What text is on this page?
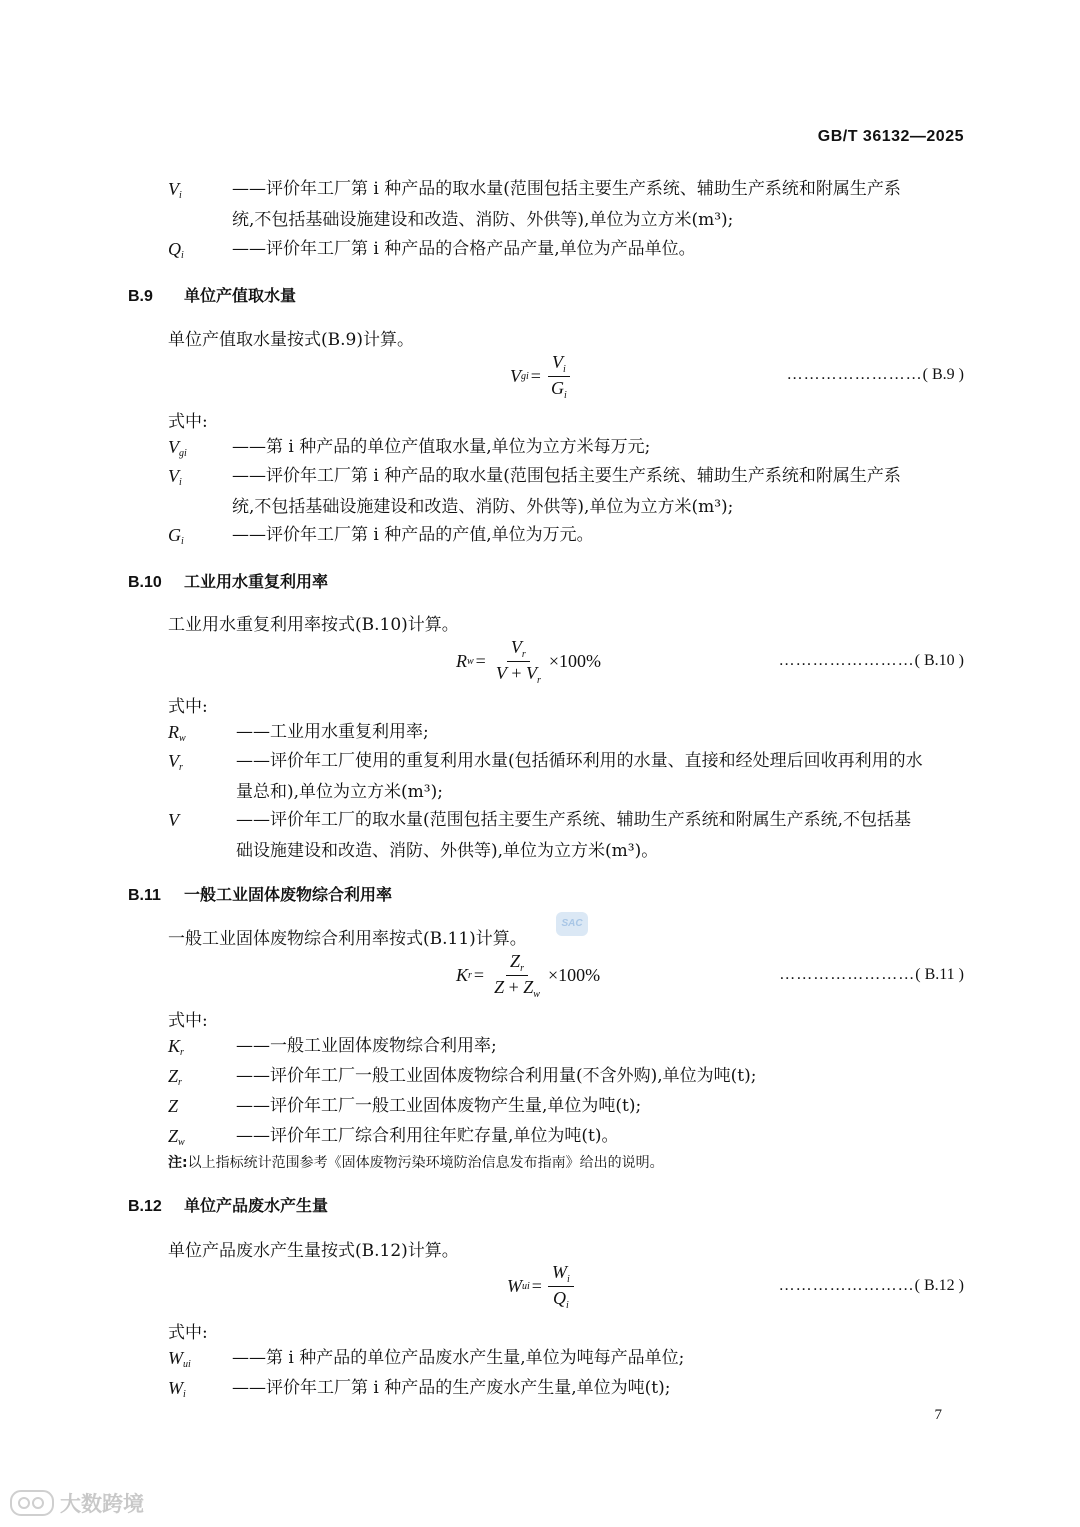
GB/T 36132—2025
$V_i$	——评价年工厂第 i 种产品的取水量(范围包括主要生产系统、辅助生产系统和附属生产系
统,不包括基础设施建设和改造、消防、外供等),单位为立方米(m³);
$Q_i$	——评价年工厂第 i 种产品的合格产品产量,单位为产品单位。
B.9 单位产值取水量
单位产值取水量按式(B.9)计算。
V gi = $\frac{V_i}{G_i}$	……………………( B.9 )
式中:
$V_{gi}$	——第 i 种产品的单位产值取水量,单位为立方米每万元;
$V_i$	——评价年工厂第 i 种产品的取水量(范围包括主要生产系统、辅助生产系统和附属生产系
统,不包括基础设施建设和改造、消防、外供等),单位为立方米(m³);
$G_i$	——评价年工厂第 i 种产品的产值,单位为万元。
B.10 工业用水重复利用率
工业用水重复利用率按式(B.10)计算。
R $w = \frac{V_r}{V + V_r} \times 100\%$	……………………( B.10 )
式中:
$R_w$	——工业用水重复利用率;
$V_r$	——评价年工厂使用的重复利用水量(包括循环利用的水量、直接和经处理后回收再利用的水
量总和),单位为立方米(m³);
V	——评价年工厂的取水量(范围包括主要生产系统、辅助生产系统和附属生产系统,不包括基
础设施建设和改造、消防、外供等),单位为立方米(m³)。
B.11 一般工业固体废物综合利用率
一般工业固体废物综合利用率按式(B.11)计算。
SAC
K $r = \frac{Z_r}{Z + Z_w} \times 100\%$	……………………( B.11 )
式中:
$K_r$	——一般工业固体废物综合利用率;
$Z_r$	——评价年工厂一般工业固体废物综合利用量(不含外购),单位为吨(t);
Z	——评价年工厂一般工业固体废物产生量,单位为吨(t);
$Z_w$	——评价年工厂综合利用往年贮存量,单位为吨(t)。
注:以上指标统计范围参考《固体废物污染环境防治信息发布指南》给出的说明。
B.12 单位产品废水产生量
单位产品废水产生量按式(B.12)计算。
W ui = $\frac{W_i}{Q_i}$	……………………( B.12 )
式中:
$W_{ui}$ ——第 i 种产品的单位产品废水产生量,单位为吨每产品单位;
$W_i$	——评价年工厂第 i 种产品的生产废水产生量,单位为吨(t);
7
大数跨境
